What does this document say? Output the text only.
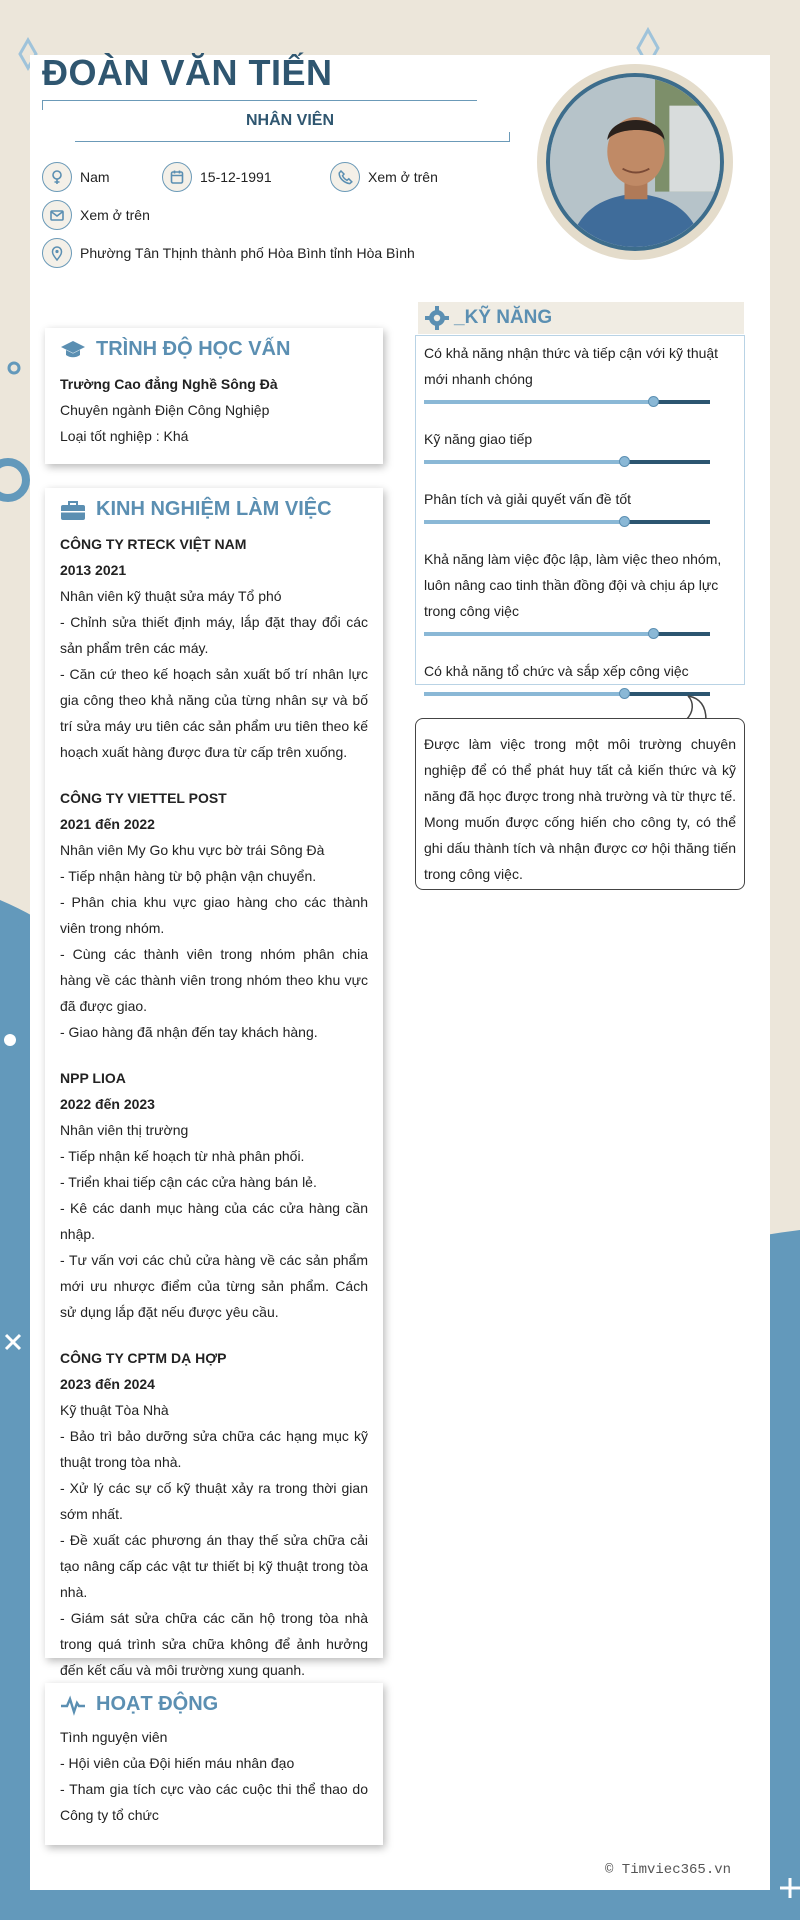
ĐOÀN VĂN TIẾN
NHÂN VIÊN
Nam	15-12-1991	Xem ở trên
Xem ở trên
Phường Tân Thịnh thành phố Hòa Bình tỉnh Hòa Bình
TRÌNH ĐỘ HỌC VẤN
Trường Cao đẳng Nghề Sông Đà
Chuyên ngành Điện Công Nghiệp
Loại tốt nghiệp : Khá
KINH NGHIỆM LÀM VIỆC
CÔNG TY RTECK VIỆT NAM
2013 2021
Nhân viên kỹ thuật sửa máy Tổ phó
- Chỉnh sửa thiết định máy, lắp đặt thay đổi các sản phẩm trên các máy.
- Căn cứ theo kế hoạch sản xuất bố trí nhân lực gia công theo khả năng của từng nhân sự và bố trí sửa máy ưu tiên các sản phẩm ưu tiên theo kế hoạch xuất hàng được đưa từ cấp trên xuống.
CÔNG TY VIETTEL POST
2021 đến 2022
Nhân viên My Go khu vực bờ trái Sông Đà
- Tiếp nhận hàng từ bộ phận vận chuyển.
- Phân chia khu vực giao hàng cho các thành viên trong nhóm.
- Cùng các thành viên trong nhóm phân chia hàng về các thành viên trong nhóm theo khu vực đã được giao.
- Giao hàng đã nhận đến tay khách hàng.
NPP LIOA
2022 đến 2023
Nhân viên thị trường
- Tiếp nhận kế hoạch từ nhà phân phối.
- Triển khai tiếp cận các cửa hàng bán lẻ.
- Kê các danh mục hàng của các cửa hàng cần nhập.
- Tư vấn vơi các chủ cửa hàng về các sản phẩm mới ưu nhược điểm của từng sản phẩm. Cách sử dụng lắp đặt nếu được yêu cầu.
CÔNG TY CPTM DẠ HỢP
2023 đến 2024
Kỹ thuật Tòa Nhà
- Bảo trì bảo dưỡng sửa chữa các hạng mục kỹ thuật trong tòa nhà.
- Xử lý các sự cố kỹ thuật xảy ra trong thời gian sớm nhất.
- Đề xuất các phương án thay thế sửa chữa cải tạo nâng cấp các vật tư thiết bị kỹ thuật trong tòa nhà.
- Giám sát sửa chữa các căn hộ trong tòa nhà trong quá trình sửa chữa không để ảnh hưởng đến kết cấu và môi trường xung quanh.
HOẠT ĐỘNG
Tình nguyện viên
- Hội viên của Đội hiến máu nhân đạo
- Tham gia tích cực vào các cuộc thi thể thao do Công ty tổ chức
_KỸ NĂNG
Có khả năng nhận thức và tiếp cận với kỹ thuật mới nhanh chóng
Kỹ năng giao tiếp
Phân tích và giải quyết vấn đề tốt
Khả năng làm việc độc lập, làm việc theo nhóm, luôn nâng cao tinh thần đồng đội và chịu áp lực trong công việc
Có khả năng tổ chức và sắp xếp công việc
Được làm việc trong một môi trường chuyên nghiệp để có thể phát huy tất cả kiến thức và kỹ năng đã học được trong nhà trường và từ thực tế. Mong muốn được cống hiến cho công ty, có thể ghi dấu thành tích và nhận được cơ hội thăng tiến trong công việc.
© Timviec365.vn
